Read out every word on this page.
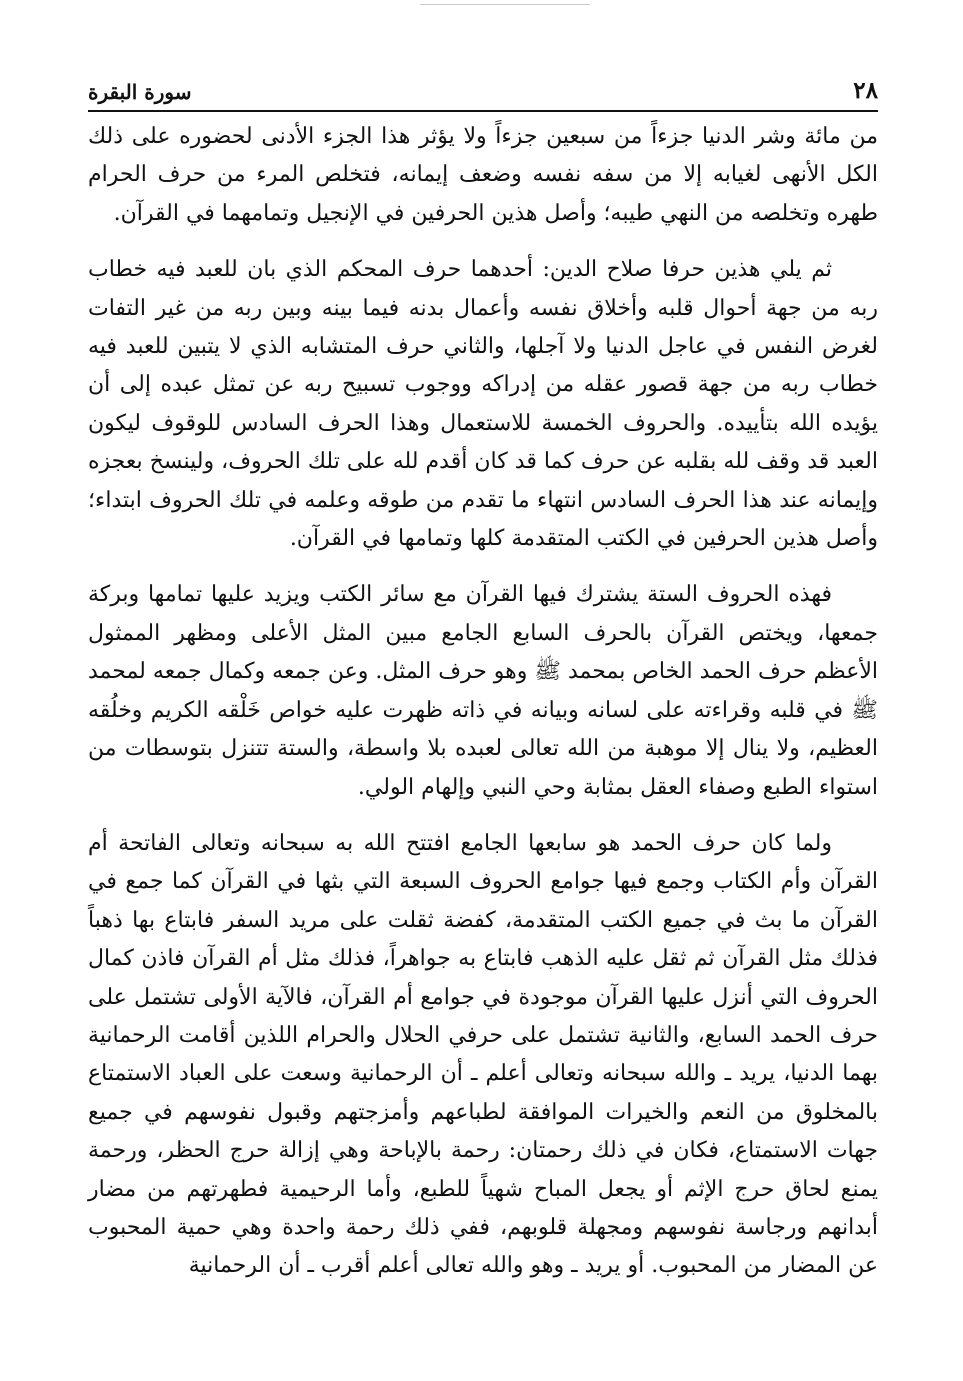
٢٨
سورة البقرة

من مائة وشر الدنيا جزءاً من سبعين جزءاً ولا يؤثر هذا الجزء الأدنى لحضوره على ذلك الكل الأنهى لغيابه إلا من سفه نفسه وضعف إيمانه، فتخلص المرء من حرف الحرام طهره وتخلصه من النهي طيبه؛ وأصل هذين الحرفين في الإنجيل وتمامهما في القرآن.

ثم يلي هذين حرفا صلاح الدين: أحدهما حرف المحكم الذي بان للعبد فيه خطاب ربه من جهة أحوال قلبه وأخلاق نفسه وأعمال بدنه فيما بينه وبين ربه من غير التفات لغرض النفس في عاجل الدنيا ولا آجلها، والثاني حرف المتشابه الذي لا يتبين للعبد فيه خطاب ربه من جهة قصور عقله من إدراكه ووجوب تسبيح ربه عن تمثل عبده إلى أن يؤيده الله بتأييده. والحروف الخمسة للاستعمال وهذا الحرف السادس للوقوف ليكون العبد قد وقف لله بقلبه عن حرف كما قد كان أقدم لله على تلك الحروف، ولينسخ بعجزه وإيمانه عند هذا الحرف السادس انتهاء ما تقدم من طوقه وعلمه في تلك الحروف ابتداء؛ وأصل هذين الحرفين في الكتب المتقدمة كلها وتمامها في القرآن.

فهذه الحروف الستة يشترك فيها القرآن مع سائر الكتب ويزيد عليها تمامها وبركة جمعها، ويختص القرآن بالحرف السابع الجامع مبين المثل الأعلى ومظهر الممثول الأعظم حرف الحمد الخاص بمحمد ﷺ وهو حرف المثل. وعن جمعه وكمال جمعه لمحمد ﷺ في قلبه وقراءته على لسانه وبيانه في ذاته ظهرت عليه خواص خَلْقه الكريم وخلُقه العظيم، ولا ينال إلا موهبة من الله تعالى لعبده بلا واسطة، والستة تتنزل بتوسطات من استواء الطبع وصفاء العقل بمثابة وحي النبي وإلهام الولي.

ولما كان حرف الحمد هو سابعها الجامع افتتح الله به سبحانه وتعالى الفاتحة أم القرآن وأم الكتاب وجمع فيها جوامع الحروف السبعة التي بثها في القرآن كما جمع في القرآن ما بث في جميع الكتب المتقدمة، كفضة ثقلت على مريد السفر فابتاع بها ذهباً فذلك مثل القرآن ثم ثقل عليه الذهب فابتاع به جواهراً، فذلك مثل أم القرآن فاذن كمال الحروف التي أنزل عليها القرآن موجودة في جوامع أم القرآن، فالآية الأولى تشتمل على حرف الحمد السابع، والثانية تشتمل على حرفي الحلال والحرام اللذين أقامت الرحمانية بهما الدنيا، يريد ـ والله سبحانه وتعالى أعلم ـ أن الرحمانية وسعت على العباد الاستمتاع بالمخلوق من النعم والخيرات الموافقة لطباعهم وأمزجتهم وقبول نفوسهم في جميع جهات الاستمتاع، فكان في ذلك رحمتان: رحمة بالإباحة وهي إزالة حرج الحظر، ورحمة يمنع لحاق حرج الإثم أو يجعل المباح شهياً للطبع، وأما الرحيمية فطهرتهم من مضار أبدانهم ورجاسة نفوسهم ومجهلة قلوبهم، ففي ذلك رحمة واحدة وهي حمية المحبوب عن المضار من المحبوب. أو يريد ـ وهو والله تعالى أعلم أقرب ـ أن الرحمانية
